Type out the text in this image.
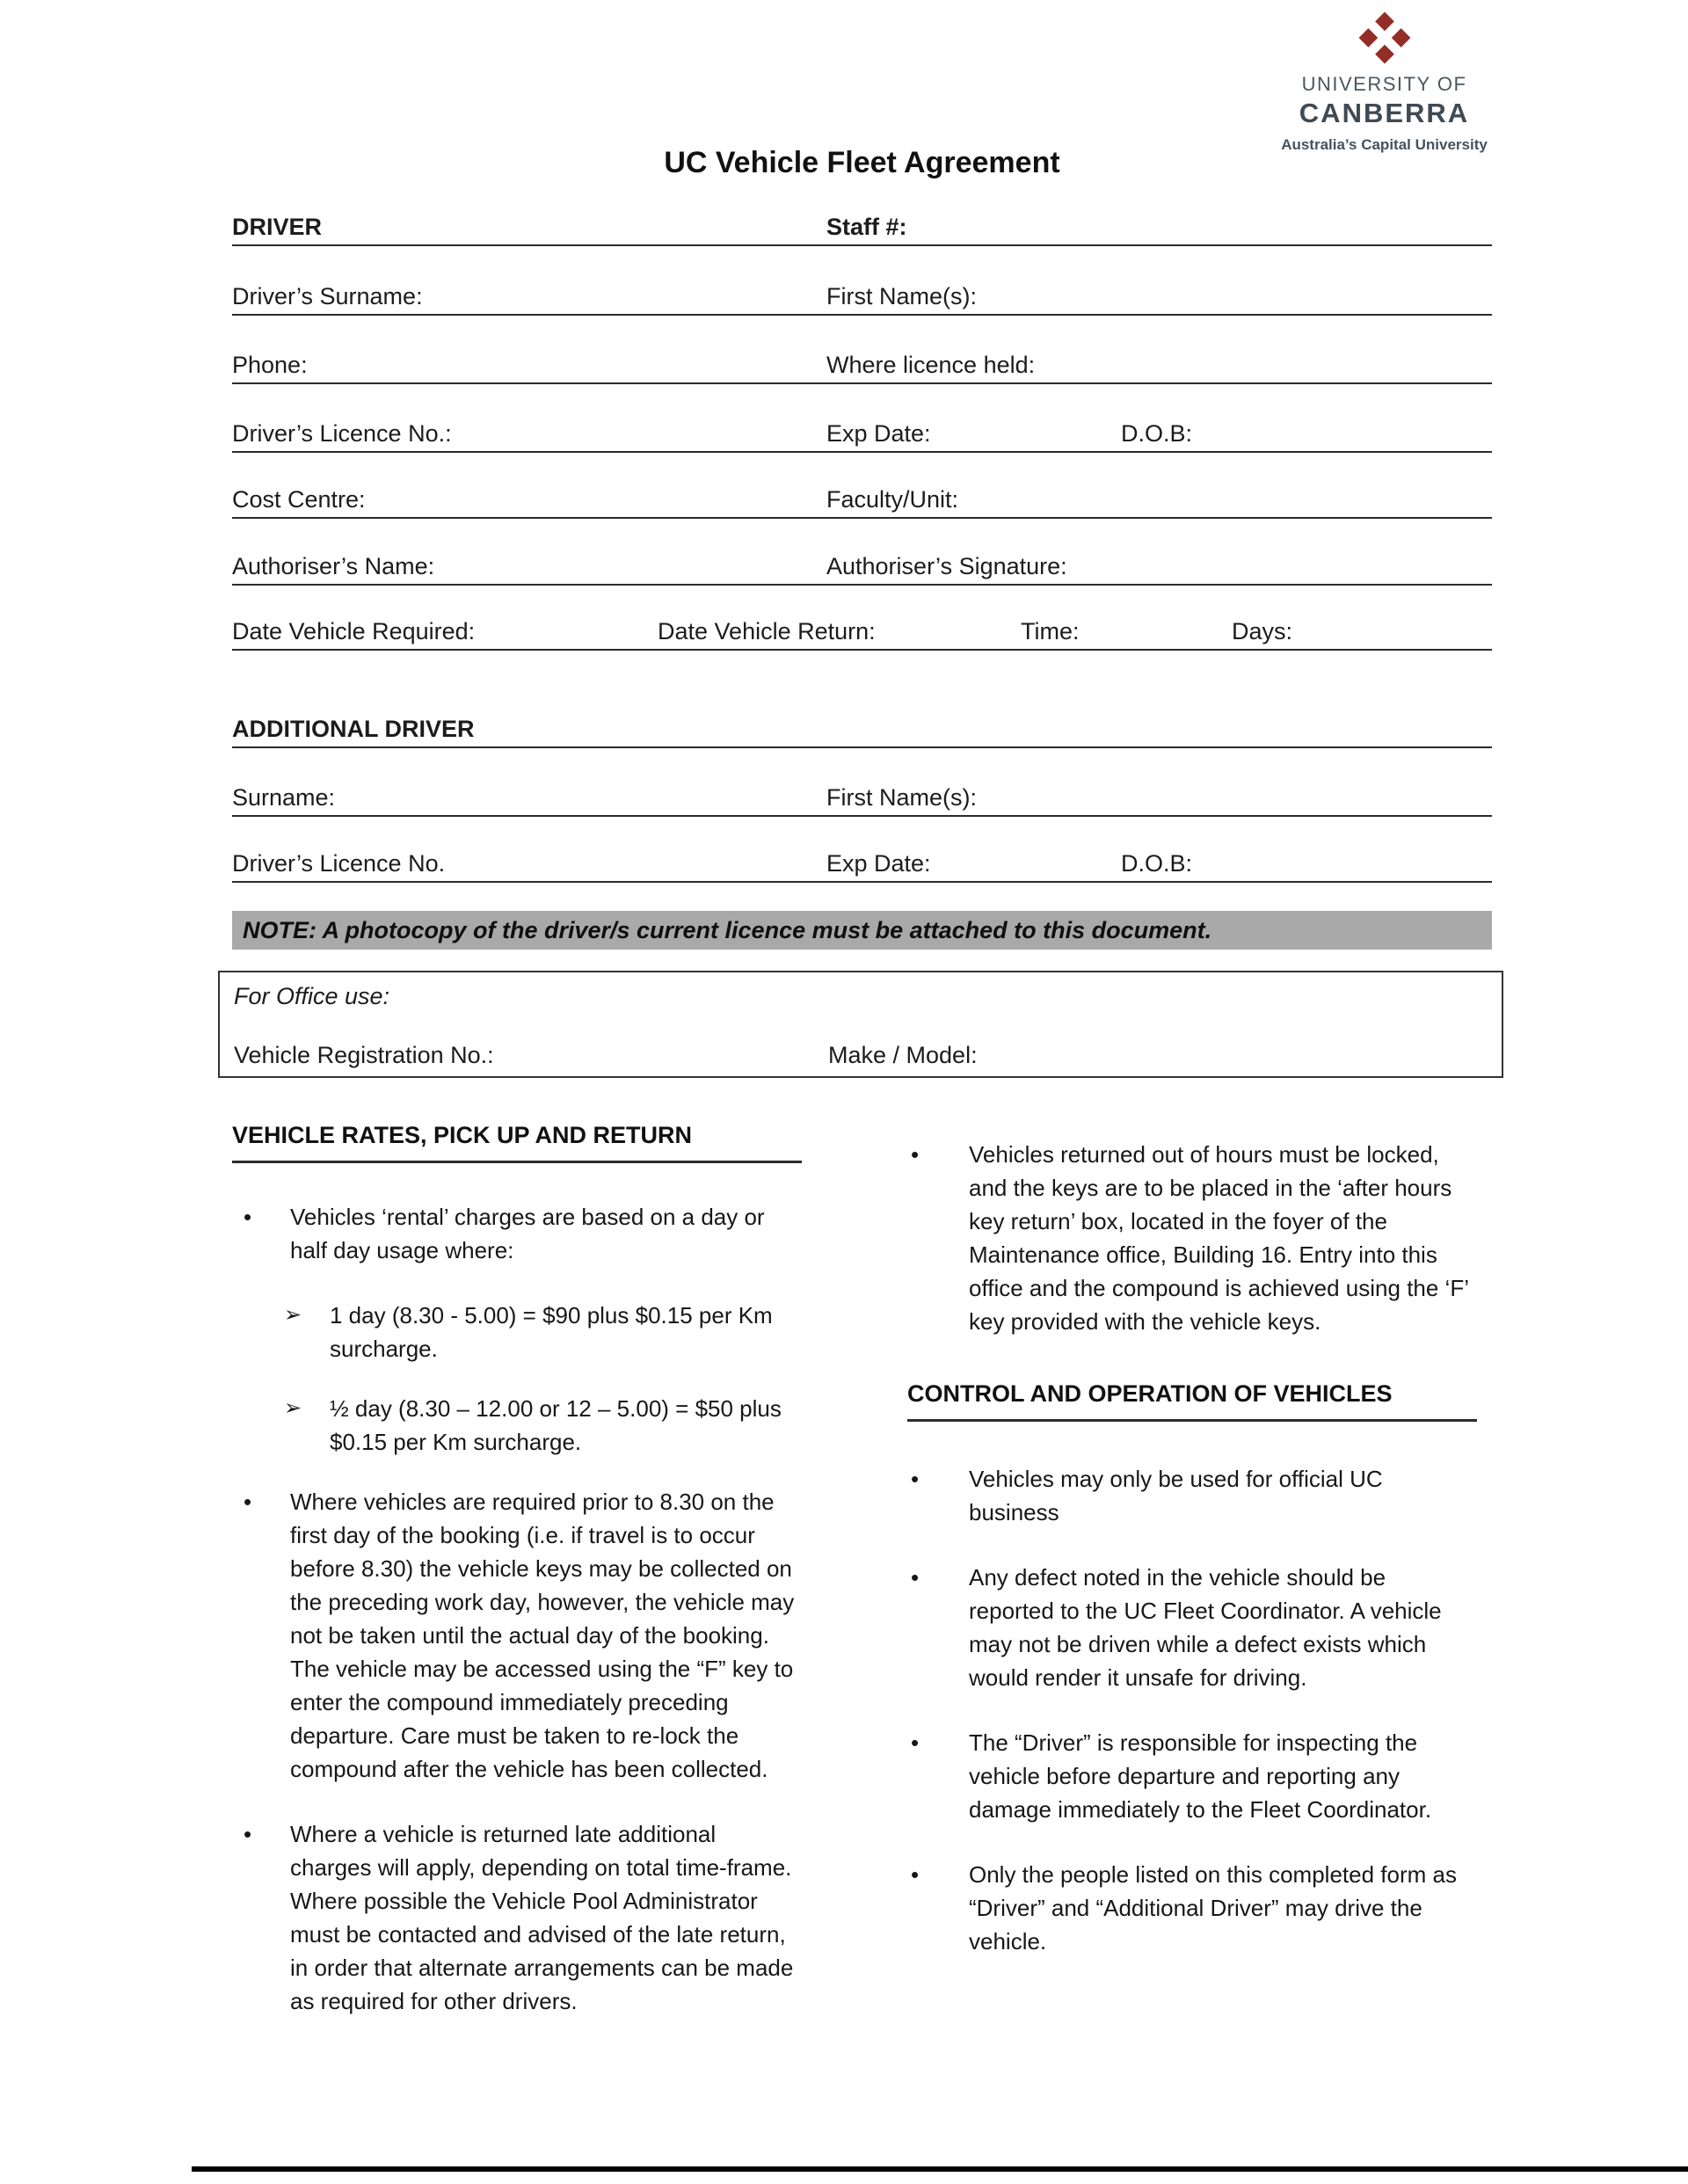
UNIVERSITY OF
CANBERRA
Australia’s Capital University
UC Vehicle Fleet Agreement
DRIVER	Staff #:
Driver’s Surname:	First Name(s):
Phone:	Where licence held:
Driver’s Licence No.:	Exp Date:	D.O.B:
Cost Centre:	Faculty/Unit:
Authoriser’s Name:	Authoriser’s Signature:
Date Vehicle Required:	Date Vehicle Return:	Time:	Days:
ADDITIONAL DRIVER
Surname:	First Name(s):
Driver’s Licence No.	Exp Date:	D.O.B:
NOTE: A photocopy of the driver/s current licence must be attached to this document.
For Office use:
Vehicle Registration No.:	Make / Model:
VEHICLE RATES, PICK UP AND RETURN
•	Vehicles ‘rental’ charges are based on a day or half day usage where:
➢	1 day (8.30 - 5.00) = $90 plus $0.15 per Km surcharge.
➢	½ day (8.30 – 12.00 or 12 – 5.00) = $50 plus $0.15 per Km surcharge.
•	Where vehicles are required prior to 8.30 on the first day of the booking (i.e. if travel is to occur before 8.30) the vehicle keys may be collected on the preceding work day, however, the vehicle may not be taken until the actual day of the booking. The vehicle may be accessed using the “F” key to enter the compound immediately preceding departure. Care must be taken to re-lock the compound after the vehicle has been collected.
•	Where a vehicle is returned late additional charges will apply, depending on total time-frame. Where possible the Vehicle Pool Administrator must be contacted and advised of the late return, in order that alternate arrangements can be made as required for other drivers.
•	Vehicles returned out of hours must be locked, and the keys are to be placed in the ‘after hours key return’ box, located in the foyer of the Maintenance office, Building 16. Entry into this office and the compound is achieved using the ‘F’ key provided with the vehicle keys.
CONTROL AND OPERATION OF VEHICLES
•	Vehicles may only be used for official UC business
•	Any defect noted in the vehicle should be reported to the UC Fleet Coordinator. A vehicle may not be driven while a defect exists which would render it unsafe for driving.
•	The “Driver” is responsible for inspecting the vehicle before departure and reporting any damage immediately to the Fleet Coordinator.
•	Only the people listed on this completed form as “Driver” and “Additional Driver” may drive the vehicle.
